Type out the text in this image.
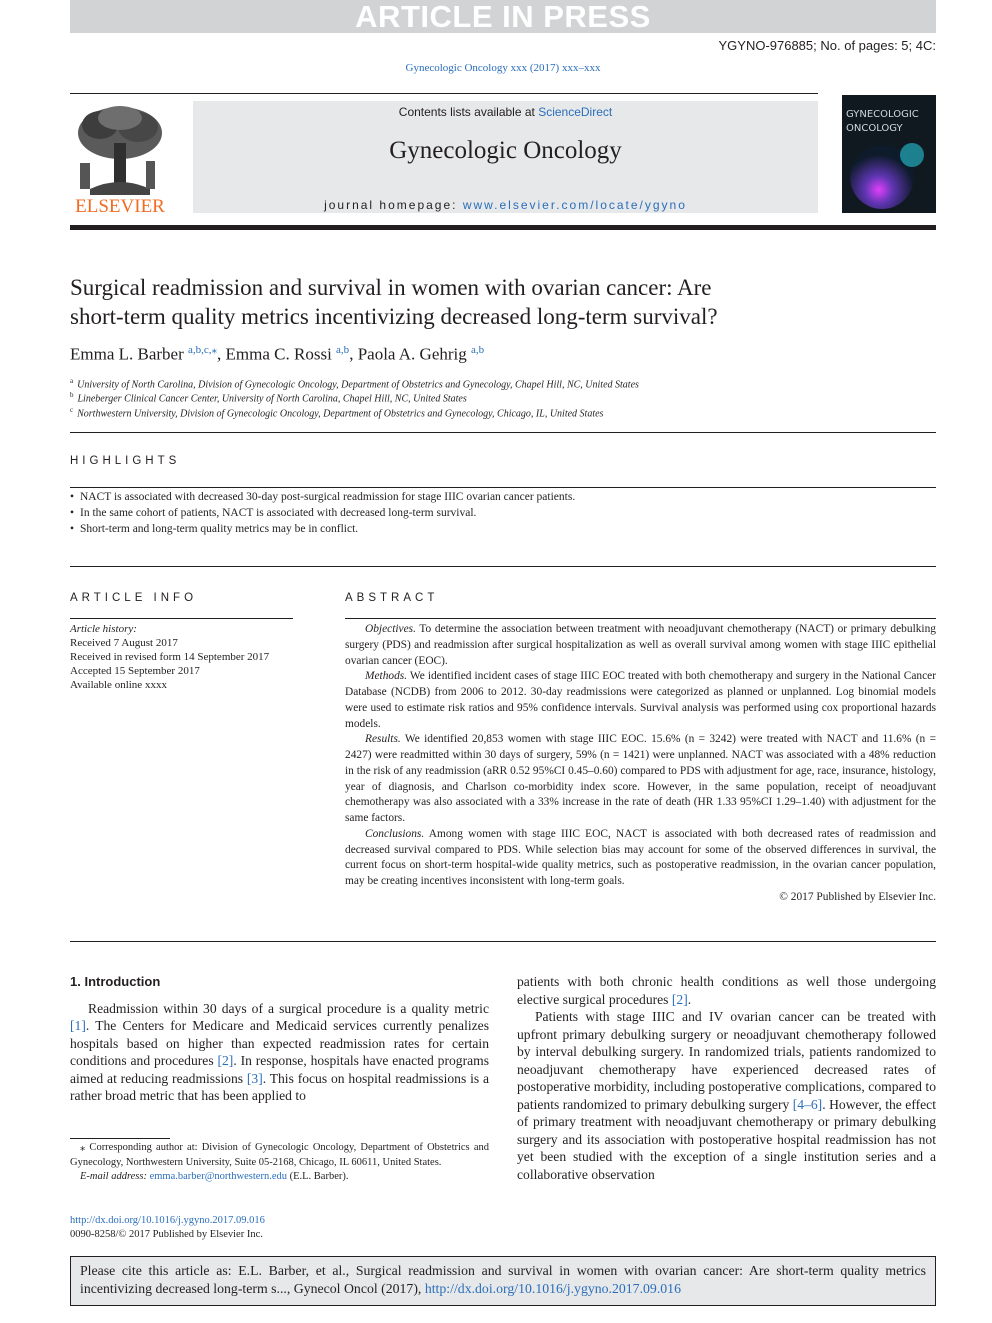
ARTICLE IN PRESS
YGYNO-976885; No. of pages: 5; 4C:
Gynecologic Oncology xxx (2017) xxx–xxx
Contents lists available at ScienceDirect
Gynecologic Oncology
journal homepage: www.elsevier.com/locate/ygyno
ELSEVIER
GYNECOLOGIC
ONCOLOGY
Surgical readmission and survival in women with ovarian cancer: Are
short-term quality metrics incentivizing decreased long-term survival?
Emma L. Barber $^{a,b,c,⁎}$, Emma C. Rossi $^{a,b}$, Paola A. Gehrig $^{a,b}$
$^a$ University of North Carolina, Division of Gynecologic Oncology, Department of Obstetrics and Gynecology, Chapel Hill, NC, United States
$^b$ Lineberger Clinical Cancer Center, University of North Carolina, Chapel Hill, NC, United States
$^c$ Northwestern University, Division of Gynecologic Oncology, Department of Obstetrics and Gynecology, Chicago, IL, United States
HIGHLIGHTS
• NACT is associated with decreased 30-day post-surgical readmission for stage IIIC ovarian cancer patients.
• In the same cohort of patients, NACT is associated with decreased long-term survival.
• Short-term and long-term quality metrics may be in conflict.
ARTICLE INFO
Article history:
Received 7 August 2017
Received in revised form 14 September 2017
Accepted 15 September 2017
Available online xxxx
ABSTRACT

Objectives. To determine the association between treatment with neoadjuvant chemotherapy (NACT) or primary debulking surgery (PDS) and readmission after surgical hospitalization as well as overall survival among women with stage IIIC epithelial ovarian cancer (EOC).

Methods. We identified incident cases of stage IIIC EOC treated with both chemotherapy and surgery in the National Cancer Database (NCDB) from 2006 to 2012. 30-day readmissions were categorized as planned or unplanned. Log binomial models were used to estimate risk ratios and 95% confidence intervals. Survival analysis was performed using cox proportional hazards models.

Results. We identified 20,853 women with stage IIIC EOC. 15.6% (n = 3242) were treated with NACT and 11.6% (n = 2427) were readmitted within 30 days of surgery, 59% (n = 1421) were unplanned. NACT was associated with a 48% reduction in the risk of any readmission (aRR 0.52 95%CI 0.45–0.60) compared to PDS with adjustment for age, race, insurance, histology, year of diagnosis, and Charlson co-morbidity index score. However, in the same population, receipt of neoadjuvant chemotherapy was also associated with a 33% increase in the rate of death (HR 1.33 95%CI 1.29–1.40) with adjustment for the same factors.

Conclusions. Among women with stage IIIC EOC, NACT is associated with both decreased rates of readmission and decreased survival compared to PDS. While selection bias may account for some of the observed differences in survival, the current focus on short-term hospital-wide quality metrics, such as postoperative readmission, in the ovarian cancer population, may be creating incentives inconsistent with long-term goals.

© 2017 Published by Elsevier Inc.

1. Introduction

Readmission within 30 days of a surgical procedure is a quality metric [1]. The Centers for Medicare and Medicaid services currently penalizes hospitals based on higher than expected readmission rates for certain conditions and procedures [2]. In response, hospitals have enacted programs aimed at reducing readmissions [3]. This focus on hospital readmissions is a rather broad metric that has been applied to

patients with both chronic health conditions as well those undergoing elective surgical procedures [2].

Patients with stage IIIC and IV ovarian cancer can be treated with upfront primary debulking surgery or neoadjuvant chemotherapy followed by interval debulking surgery. In randomized trials, patients randomized to neoadjuvant chemotherapy have experienced decreased rates of postoperative morbidity, including postoperative complications, compared to patients randomized to primary debulking surgery [4–6]. However, the effect of primary treatment with neoadjuvant chemotherapy or primary debulking surgery and its association with postoperative hospital readmission has not yet been studied with the exception of a single institution series and a collaborative observation

⁎ Corresponding author at: Division of Gynecologic Oncology, Department of Obstetrics and Gynecology, Northwestern University, Suite 05-2168, Chicago, IL 60611, United States.

E-mail address: emma.barber@northwestern.edu (E.L. Barber).

http://dx.doi.org/10.1016/j.ygyno.2017.09.016
0090-8258/© 2017 Published by Elsevier Inc.
Please cite this article as: E.L. Barber, et al., Surgical readmission and survival in women with ovarian cancer: Are short-term quality metrics incentivizing decreased long-term s..., Gynecol Oncol (2017), http://dx.doi.org/10.1016/j.ygyno.2017.09.016
